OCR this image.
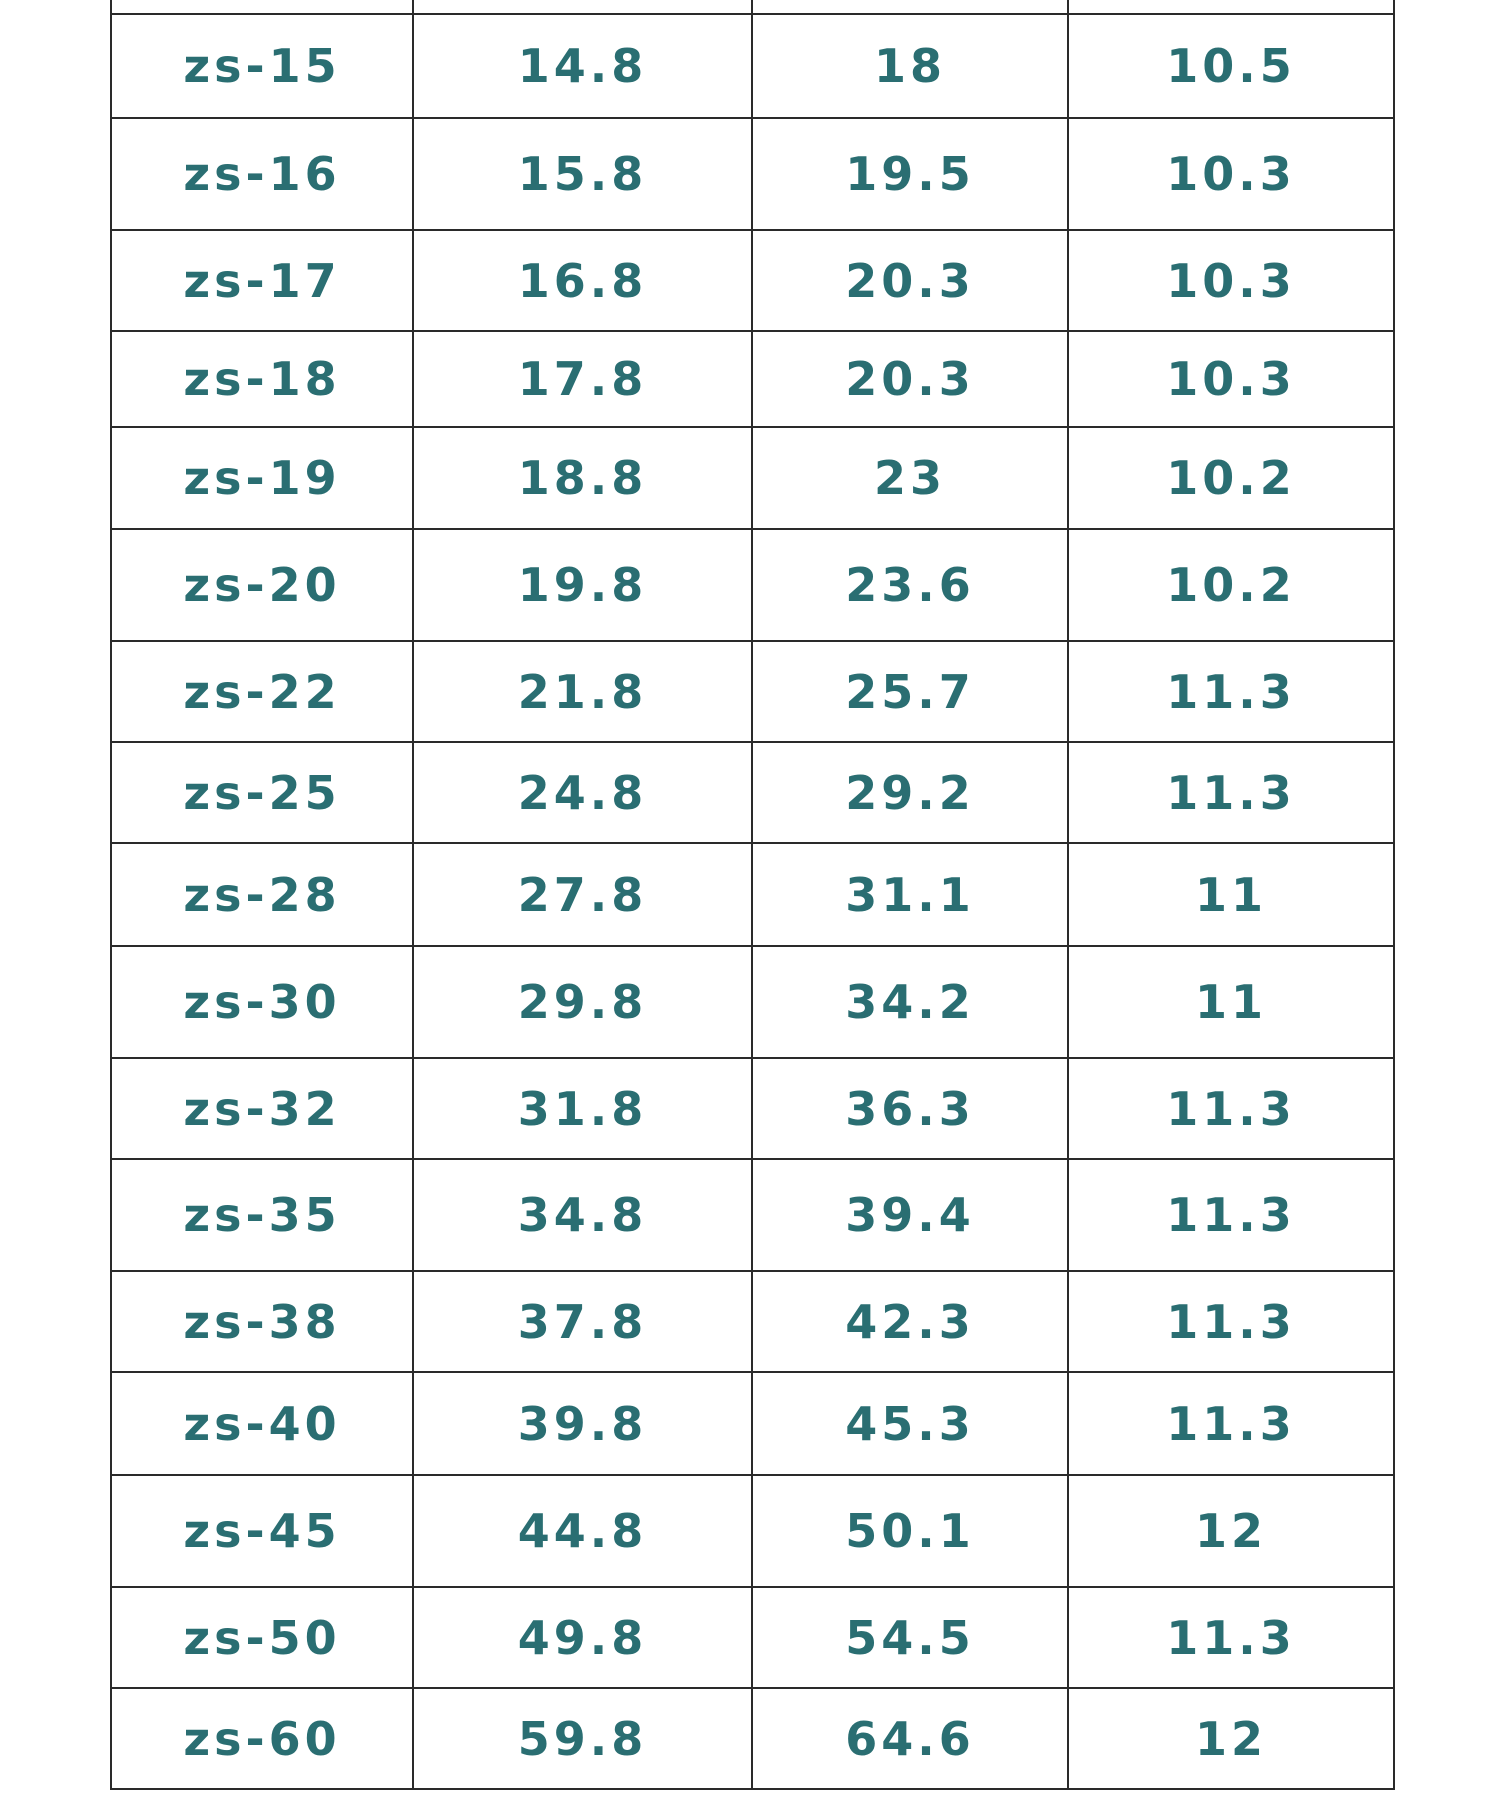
zs-15	14.8	18	10.5
zs-16	15.8	19.5	10.3
zs-17	16.8	20.3	10.3
zs-18	17.8	20.3	10.3
zs-19	18.8	23	10.2
zs-20	19.8	23.6	10.2
zs-22	21.8	25.7	11.3
zs-25	24.8	29.2	11.3
zs-28	27.8	31.1	11
zs-30	29.8	34.2	11
zs-32	31.8	36.3	11.3
zs-35	34.8	39.4	11.3
zs-38	37.8	42.3	11.3
zs-40	39.8	45.3	11.3
zs-45	44.8	50.1	12
zs-50	49.8	54.5	11.3
zs-60	59.8	64.6	12
